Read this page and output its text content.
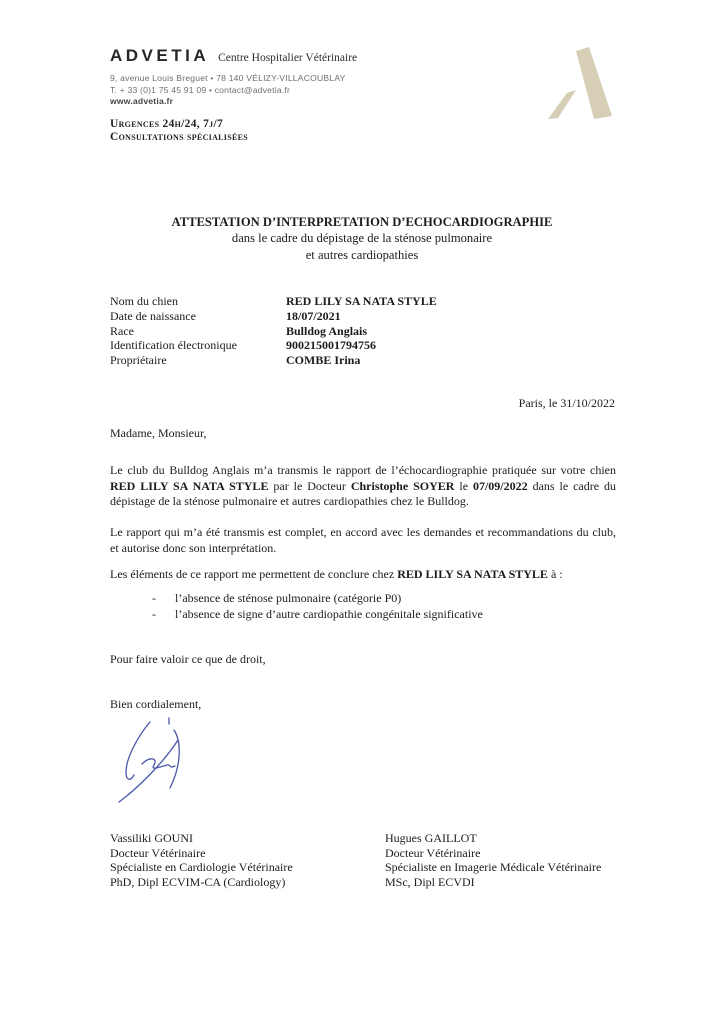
ADVETIA Centre Hospitalier Vétérinaire
9, avenue Louis Breguet • 78 140 VÉLIZY-VILLACOUBLAY
T. + 33 (0)1 75 45 91 09 • contact@advetia.fr
www.advetia.fr
Urgences 24h/24, 7j/7
Consultations spécialisées
ATTESTATION D’INTERPRETATION D’ECHOCARDIOGRAPHIE
dans le cadre du dépistage de la sténose pulmonaire
et autres cardiopathies
Nom du chien	RED LILY SA NATA STYLE
Date de naissance	18/07/2021
Race	Bulldog Anglais
Identification électronique	900215001794756
Propriétaire	COMBE Irina
Paris, le 31/10/2022
Madame, Monsieur,

Le club du Bulldog Anglais m’a transmis le rapport de l’échocardiographie pratiquée sur votre chien RED LILY SA NATA STYLE par le Docteur Christophe SOYER le 07/09/2022 dans le cadre du dépistage de la sténose pulmonaire et autres cardiopathies chez le Bulldog.

Le rapport qui m’a été transmis est complet, en accord avec les demandes et recommandations du club, et autorise donc son interprétation.

Les éléments de ce rapport me permettent de conclure chez RED LILY SA NATA STYLE à :

-	l’absence de sténose pulmonaire (catégorie P0)
-	l’absence de signe d’autre cardiopathie congénitale significative

Pour faire valoir ce que de droit,

Bien cordialement,

Vassiliki GOUNI
Docteur Vétérinaire
Spécialiste en Cardiologie Vétérinaire
PhD, Dipl ECVIM-CA (Cardiology)
Hugues GAILLOT
Docteur Vétérinaire
Spécialiste en Imagerie Médicale Vétérinaire
MSc, Dipl ECVDI
